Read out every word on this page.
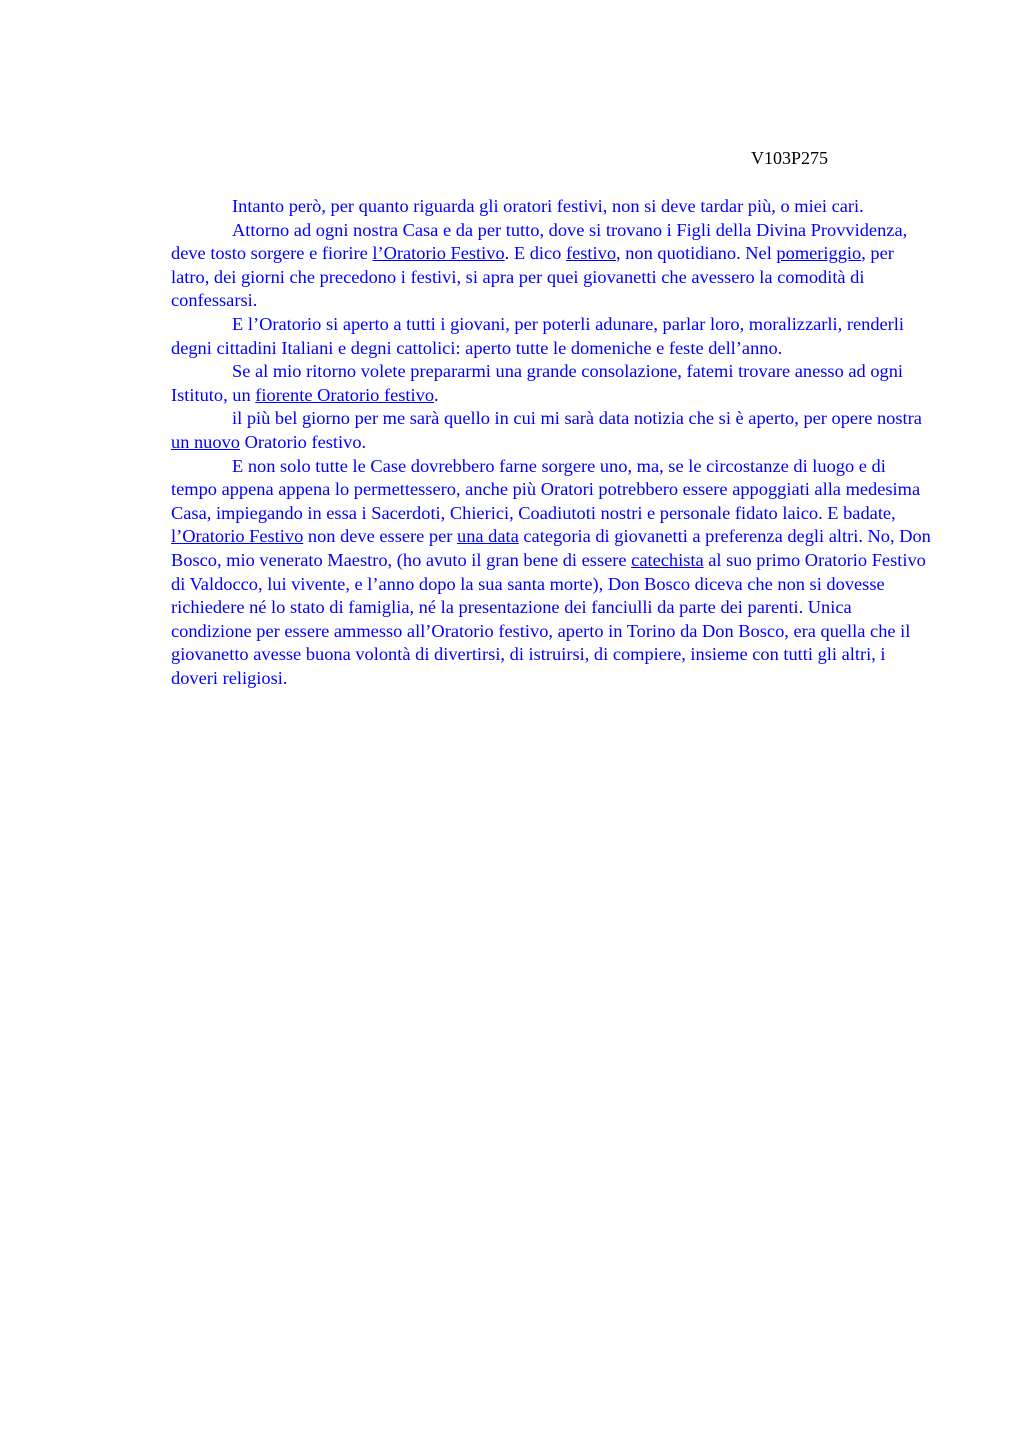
V103P275

Intanto però, per quanto riguarda gli oratori festivi, non si deve tardar più, o miei cari.

Attorno ad ogni nostra Casa e da per tutto, dove si trovano i Figli della Divina Provvidenza, deve tosto sorgere e fiorire l’Oratorio Festivo. E dico festivo, non quotidiano. Nel pomeriggio, per latro, dei giorni che precedono i festivi, si apra per quei giovanetti che avessero la comodità di confessarsi.

E l’Oratorio si aperto a tutti i giovani, per poterli adunare, parlar loro, moralizzarli, renderli degni cittadini Italiani e degni cattolici: aperto tutte le domeniche e feste dell’anno.

Se al mio ritorno volete prepararmi una grande consolazione, fatemi trovare anesso ad ogni Istituto, un fiorente Oratorio festivo.

il più bel giorno per me sarà quello in cui mi sarà data notizia che si è aperto, per opere nostra un nuovo Oratorio festivo.

E non solo tutte le Case dovrebbero farne sorgere uno, ma, se le circostanze di luogo e di tempo appena appena lo permettessero, anche più Oratori potrebbero essere appoggiati alla medesima Casa, impiegando in essa i Sacerdoti, Chierici, Coadiutoti nostri e personale fidato laico. E badate, l’Oratorio Festivo non deve essere per una data categoria di giovanetti a preferenza degli altri. No, Don Bosco, mio venerato Maestro, (ho avuto il gran bene di essere catechista al suo primo Oratorio Festivo di Valdocco, lui vivente, e l’anno dopo la sua santa morte), Don Bosco diceva che non si dovesse richiedere né lo stato di famiglia, né la presentazione dei fanciulli da parte dei parenti. Unica condizione per essere ammesso all’Oratorio festivo, aperto in Torino da Don Bosco, era quella che il giovanetto avesse buona volontà di divertirsi, di istruirsi, di compiere, insieme con tutti gli altri, i doveri religiosi.
